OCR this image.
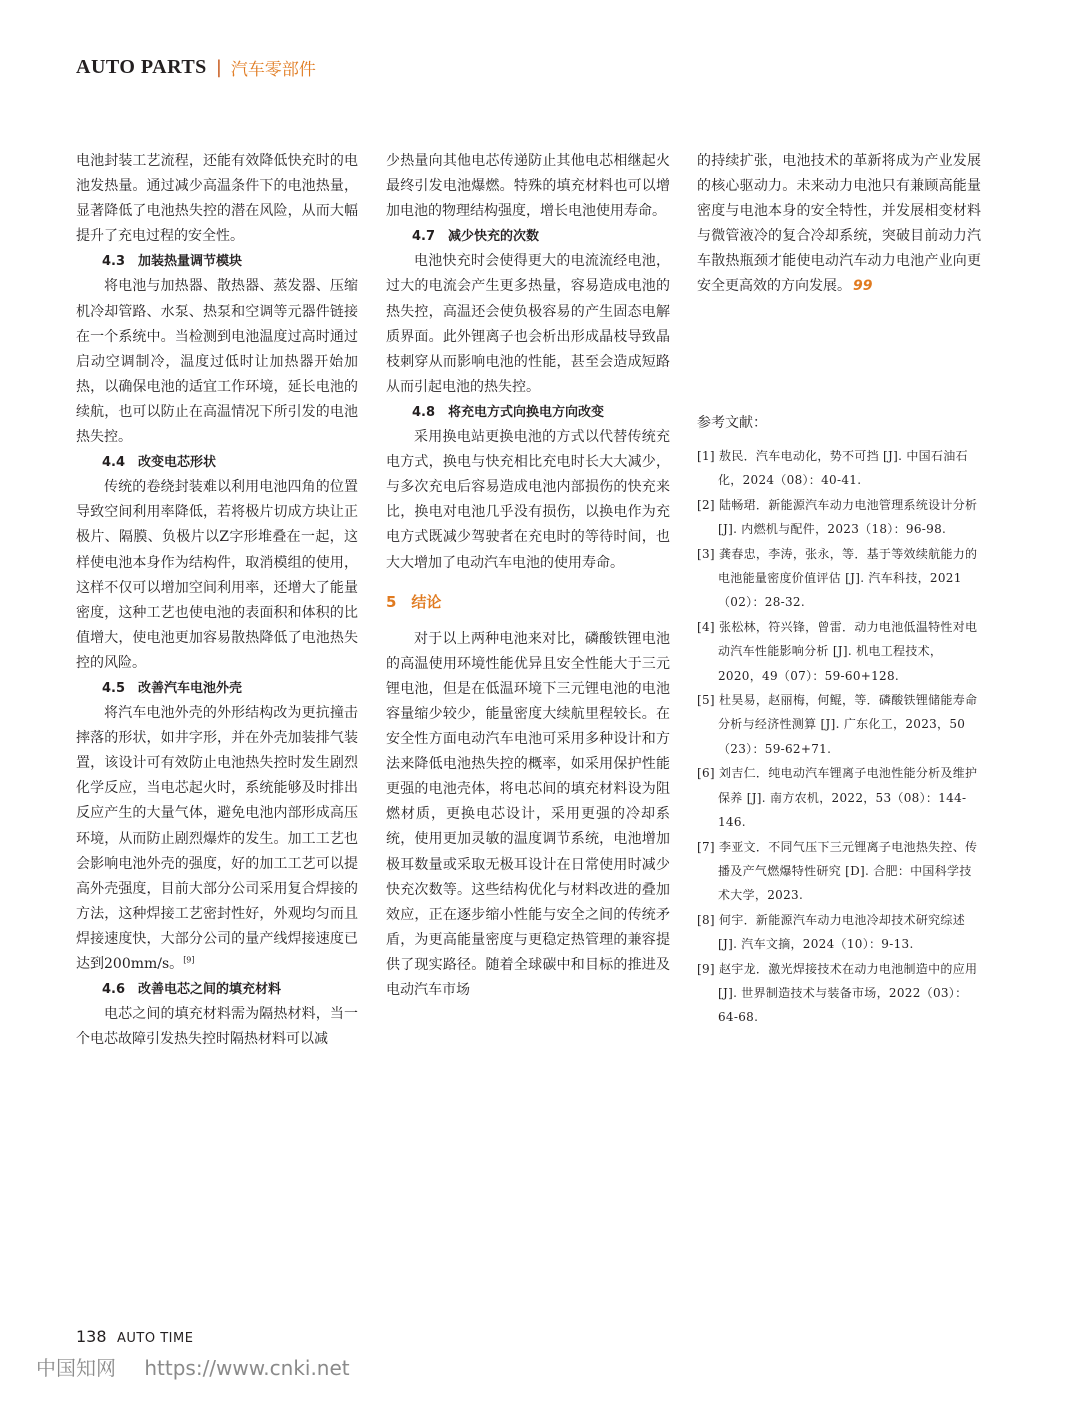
AUTO PARTS | 汽车零部件

电池封装工艺流程，还能有效降低快充时的电池发热量。通过减少高温条件下的电池热量，显著降低了电池热失控的潜在风险，从而大幅提升了充电过程的安全性。

4.3　加装热量调节模块

将电池与加热器、散热器、蒸发器、压缩机冷却管路、水泵、热泵和空调等元器件链接在一个系统中。当检测到电池温度过高时通过启动空调制冷，温度过低时让加热器开始加热，以确保电池的适宜工作环境，延长电池的续航，也可以防止在高温情况下所引发的电池热失控。

4.4　改变电芯形状

传统的卷绕封装难以利用电池四角的位置导致空间利用率降低，若将极片切成方块让正极片、隔膜、负极片以Z字形堆叠在一起，这样使电池本身作为结构件，取消模组的使用，这样不仅可以增加空间利用率，还增大了能量密度，这种工艺也使电池的表面积和体积的比值增大，使电池更加容易散热降低了电池热失控的风险。

4.5　改善汽车电池外壳

将汽车电池外壳的外形结构改为更抗撞击摔落的形状，如井字形，并在外壳加装排气装置，该设计可有效防止电池热失控时发生剧烈化学反应，当电芯起火时，系统能够及时排出反应产生的大量气体，避免电池内部形成高压环境，从而防止剧烈爆炸的发生。加工工艺也会影响电池外壳的强度，好的加工工艺可以提高外壳强度，目前大部分公司采用复合焊接的方法，这种焊接工艺密封性好，外观均匀而且焊接速度快，大部分公司的量产线焊接速度已达到200mm/s。[9]

4.6　改善电芯之间的填充材料

电芯之间的填充材料需为隔热材料，当一个电芯故障引发热失控时隔热材料可以减

少热量向其他电芯传递防止其他电芯相继起火最终引发电池爆燃。特殊的填充材料也可以增加电池的物理结构强度，增长电池使用寿命。

4.7　减少快充的次数

电池快充时会使得更大的电流流经电池，过大的电流会产生更多热量，容易造成电池的热失控，高温还会使负极容易的产生固态电解质界面。此外锂离子也会析出形成晶枝导致晶枝刺穿从而影响电池的性能，甚至会造成短路从而引起电池的热失控。

4.8　将充电方式向换电方向改变

采用换电站更换电池的方式以代替传统充电方式，换电与快充相比充电时长大大减少，与多次充电后容易造成电池内部损伤的快充来比，换电对电池几乎没有损伤，以换电作为充电方式既减少驾驶者在充电时的等待时间，也大大增加了电动汽车电池的使用寿命。

5　结论

对于以上两种电池来对比，磷酸铁锂电池的高温使用环境性能优异且安全性能大于三元锂电池，但是在低温环境下三元锂电池的电池容量缩少较少，能量密度大续航里程较长。在安全性方面电动汽车电池可采用多种设计和方法来降低电池热失控的概率，如采用保护性能更强的电池壳体，将电芯间的填充材料设为阻燃材质，更换电芯设计，采用更强的冷却系统，使用更加灵敏的温度调节系统，电池增加极耳数量或采取无极耳设计在日常使用时减少快充次数等。这些结构优化与材料改进的叠加效应，正在逐步缩小性能与安全之间的传统矛盾，为更高能量密度与更稳定热管理的兼容提供了现实路径。随着全球碳中和目标的推进及电动汽车市场

的持续扩张，电池技术的革新将成为产业发展的核心驱动力。未来动力电池只有兼顾高能量密度与电池本身的安全特性，并发展相变材料与微管液冷的复合冷却系统，突破目前动力汽车散热瓶颈才能使电动汽车动力电池产业向更安全更高效的方向发展。 99

参考文献：
[1] 敖民．汽车电动化，势不可挡 [J]. 中国石油石化，2024（08）：40-41.
[2] 陆畅珺．新能源汽车动力电池管理系统设计分析 [J]. 内燃机与配件，2023（18）：96-98.
[3] 龚春忠，李涛，张永，等．基于等效续航能力的电池能量密度价值评估 [J]. 汽车科技，2021（02）：28-32.
[4] 张松林，符兴锋，曾雷．动力电池低温特性对电动汽车性能影响分析 [J]. 机电工程技术，2020，49（07）：59-60+128.
[5] 杜昊易，赵丽梅，何鲲，等．磷酸铁锂储能寿命分析与经济性测算 [J]. 广东化工，2023，50（23）：59-62+71.
[6] 刘吉仁．纯电动汽车锂离子电池性能分析及维护保养 [J]. 南方农机，2022，53（08）：144-146.
[7] 李亚文．不同气压下三元锂离子电池热失控、传播及产气燃爆特性研究 [D]. 合肥：中国科学技术大学，2023.
[8] 何宇．新能源汽车动力电池冷却技术研究综述 [J]. 汽车文摘，2024（10）：9-13.
[9] 赵宇龙．激光焊接技术在动力电池制造中的应用 [J]. 世界制造技术与装备市场，2022（03）：64-68.
138 AUTO TIME
中国知网 https://www.cnki.net
